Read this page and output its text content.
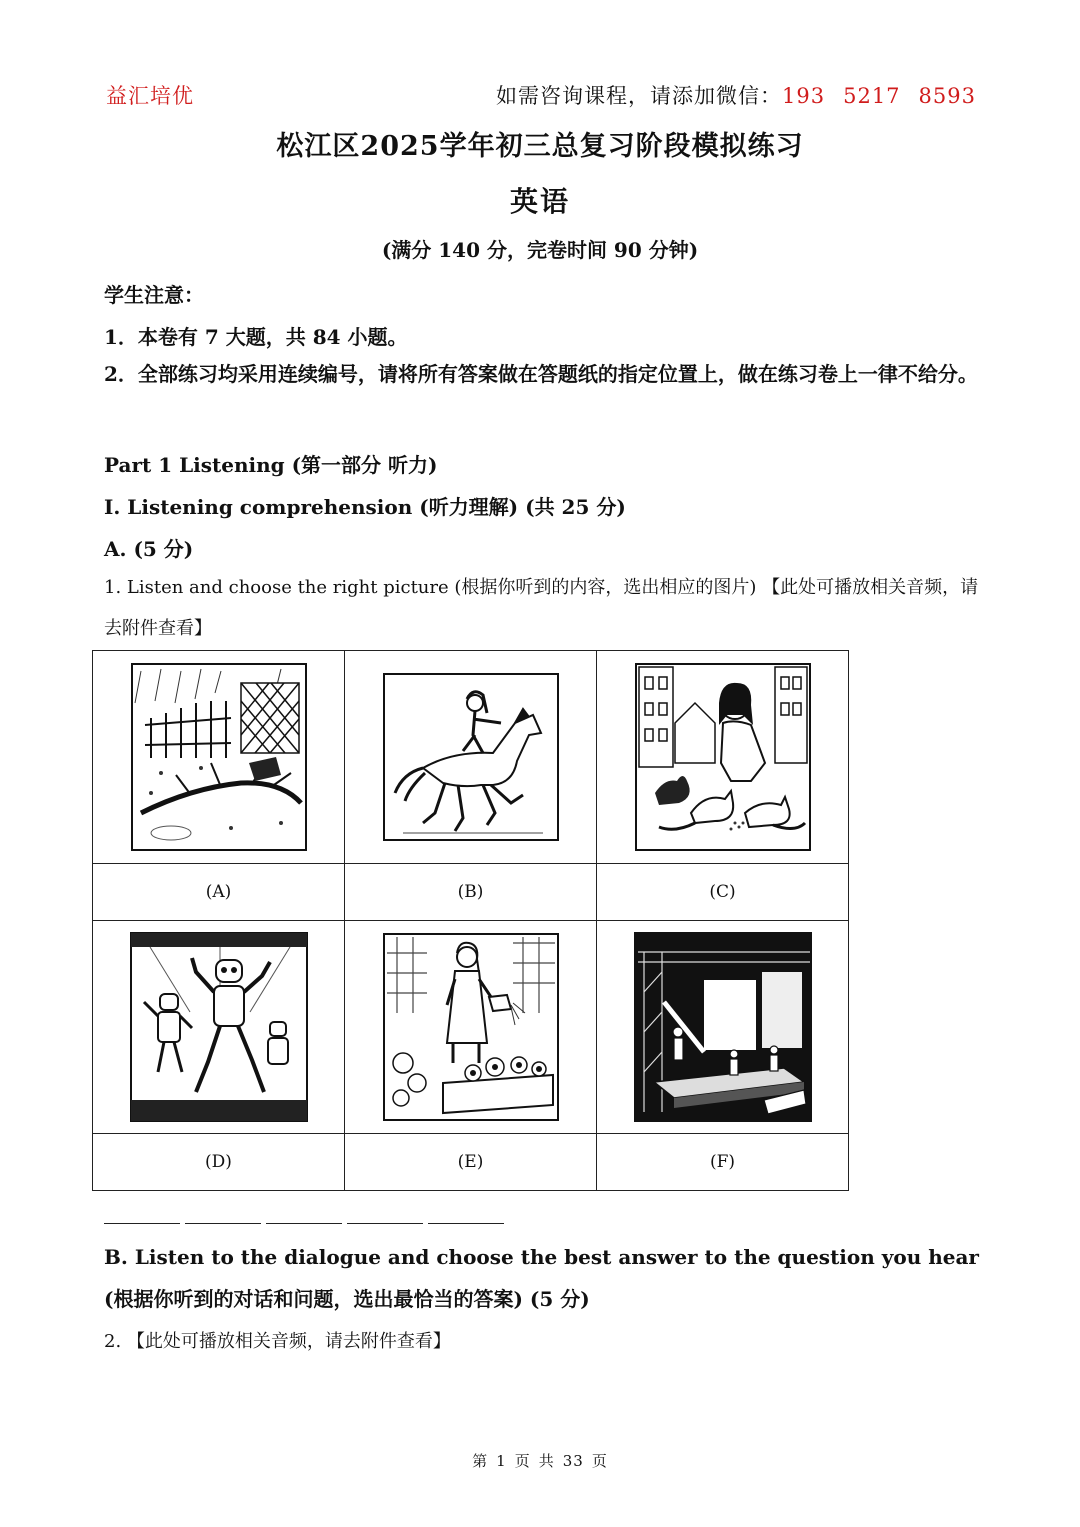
益汇培优	如需咨询课程，请添加微信：193 5217 8593
松江区2025学年初三总复习阶段模拟练习
英语
(满分 140 分，完卷时间 90 分钟)
学生注意：
1．本卷有 7 大题，共 84 小题。
2．全部练习均采用连续编号，请将所有答案做在答题纸的指定位置上，做在练习卷上一律不给分。
Part 1 Listening (第一部分 听力)
I. Listening comprehension (听力理解) (共 25 分)
A. (5 分)
1. Listen and choose the right picture (根据你听到的内容，选出相应的图片) 【此处可播放相关音频，请去附件查看】

(A)	(B)	(C)

(D)	(E)	(F)
B. Listen to the dialogue and choose the best answer to the question you hear (根据你听到的对话和问题，选出最恰当的答案) (5 分)
2. 【此处可播放相关音频，请去附件查看】
第 1 页 共 33 页
